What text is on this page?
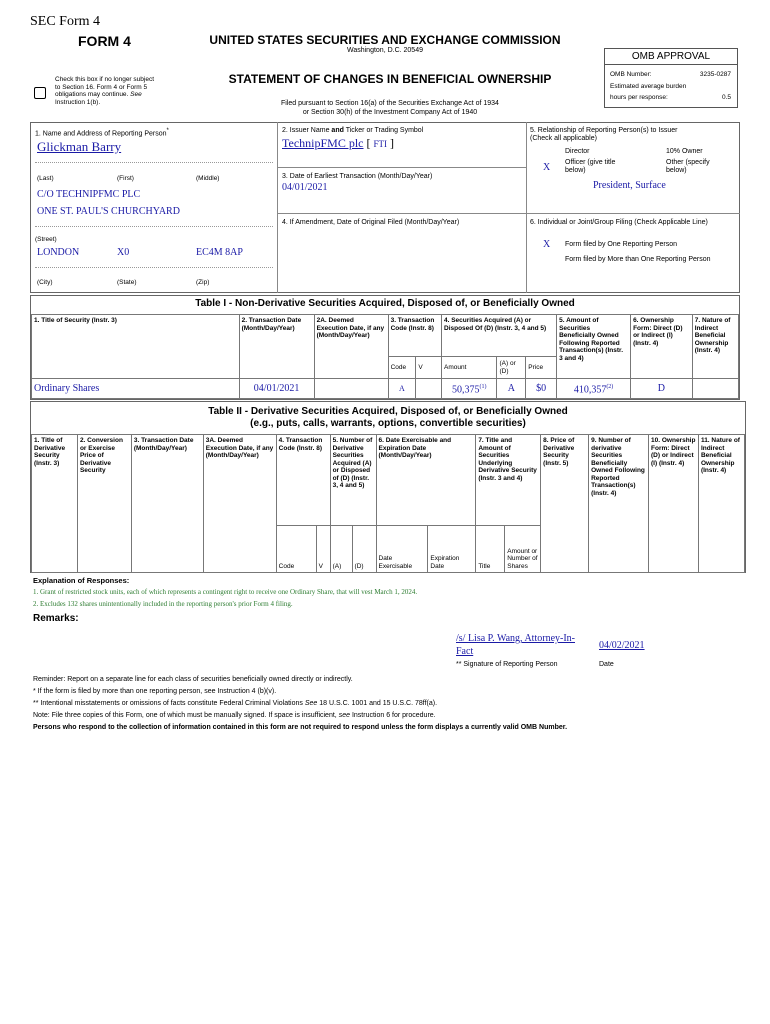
SEC Form 4
FORM 4	UNITED STATES SECURITIES AND EXCHANGE COMMISSION
Washington, D.C. 20549
OMB APPROVAL
OMB Number:	3235-0287
Estimated average burden
hours per response:	0.5
Check this box if no longer subject
to Section 16. Form 4 or Form 5
obligations may continue. See
Instruction 1(b).
STATEMENT OF CHANGES IN BENEFICIAL OWNERSHIP
Filed pursuant to Section 16(a) of the Securities Exchange Act of 1934
or Section 30(h) of the Investment Company Act of 1940
1. Name and Address of Reporting Person*
Glickman Barry
(Last)	(First)	(Middle)
C/O TECHNIPFMC PLC
ONE ST. PAUL'S CHURCHYARD
(Street)
LONDON	X0	EC4M 8AP
(City)	(State)	(Zip)
2. Issuer Name and Ticker or Trading Symbol
TechnipFMC plc [ FTI ]
3. Date of Earliest Transaction (Month/Day/Year)
04/01/2021
4. If Amendment, Date of Original Filed (Month/Day/Year)
5. Relationship of Reporting Person(s) to Issuer
(Check all applicable)
Director	10% Owner
X Officer (give title below)
Other (specify below)
President, Surface
6. Individual or Joint/Group Filing (Check Applicable Line)
X Form filed by One Reporting Person
Form filed by More than One Reporting Person
Table I - Non-Derivative Securities Acquired, Disposed of, or Beneficially Owned
1. Title of Security (Instr. 3)	2. Transaction Date (Month/Day/Year)	2A. Deemed Execution Date, if any (Month/Day/Year)	3. Transaction Code (Instr. 8)		4. Securities Acquired (A) or Disposed Of (D) (Instr. 3, 4 and 5)			5. Amount of Securities Beneficially Owned Following Reported Transaction(s) (Instr. 3 and 4)	6. Ownership Form: Direct (D) or Indirect (I) (Instr. 4)	7. Nature of Indirect Beneficial Ownership (Instr. 4)
			Code	V	Amount	(A) or (D)	Price			
Ordinary Shares	04/01/2021		A		50,375$^{(1)}$	A	$0	410,357$^{(2)}$	D	
Table II - Derivative Securities Acquired, Disposed of, or Beneficially Owned
(e.g., puts, calls, warrants, options, convertible securities)
1. Title of Derivative Security (Instr. 3)	2. Conversion or Exercise Price of Derivative Security	3. Transaction Date (Month/Day/Year)	3A. Deemed Execution Date, if any (Month/Day/Year)	4. Transaction Code (Instr. 8)		5. Number of Derivative Securities Acquired (A) or Disposed of (D) (Instr. 3, 4 and 5)		6. Date Exercisable and Expiration Date (Month/Day/Year)		7. Title and Amount of Securities Underlying Derivative Security (Instr. 3 and 4)		8. Price of Derivative Security (Instr. 5)	9. Number of derivative Securities Beneficially Owned Following Reported Transaction(s) (Instr. 4)	10. Ownership Form: Direct (D) or Indirect (I) (Instr. 4)	11. Nature of Indirect Beneficial Ownership (Instr. 4)
				Code	V	(A)	(D)	Date Exercisable	Expiration Date	Title	Amount or Number of Shares				
Explanation of Responses:
1. Grant of restricted stock units, each of which represents a contingent right to receive one Ordinary Share, that will vest March 1, 2024.
2. Excludes 132 shares unintentionally included in the reporting person's prior Form 4 filing.
Remarks:
/s/ Lisa P. Wang, Attorney-In-
Fact
04/02/2021
** Signature of Reporting Person	Date
Reminder: Report on a separate line for each class of securities beneficially owned directly or indirectly.
* If the form is filed by more than one reporting person, see Instruction 4 (b)(v).
** Intentional misstatements or omissions of facts constitute Federal Criminal Violations See 18 U.S.C. 1001 and 15 U.S.C. 78ff(a).
Note: File three copies of this Form, one of which must be manually signed. If space is insufficient, see Instruction 6 for procedure.
Persons who respond to the collection of information contained in this form are not required to respond unless the form displays a currently valid OMB Number.
